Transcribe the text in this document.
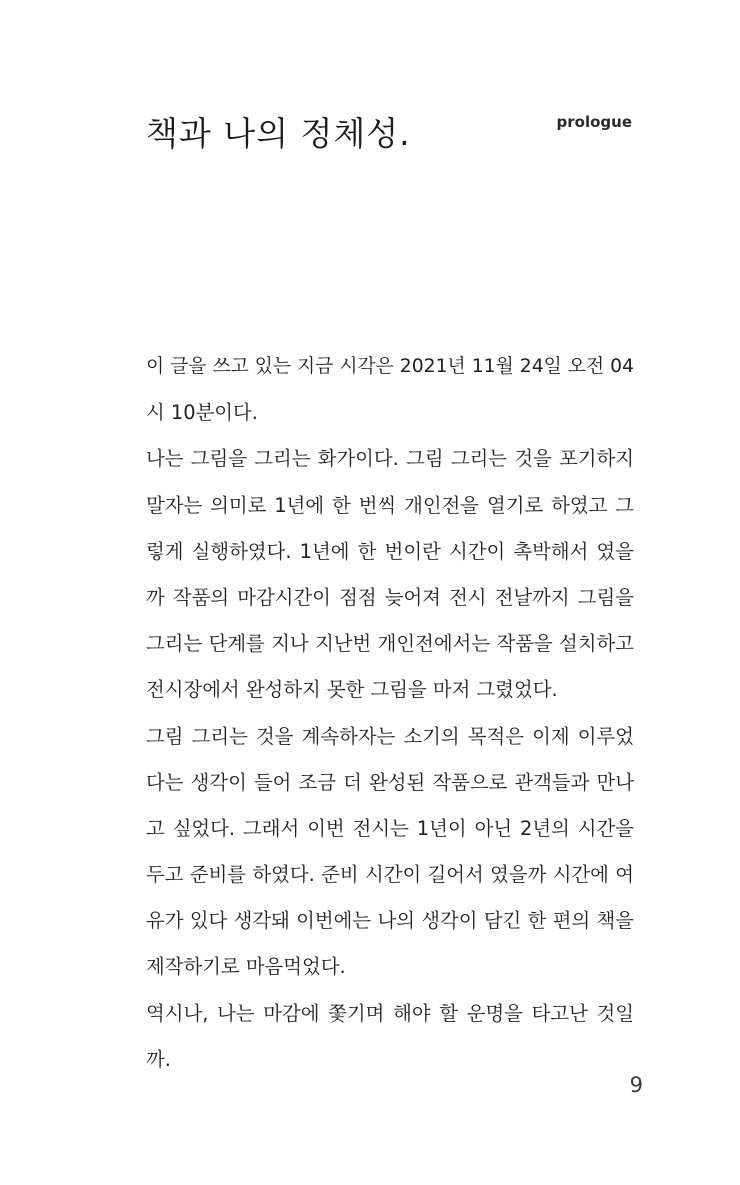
책과 나의 정체성.	prologue
이 글을 쓰고 있는 지금 시각은 2021년 11월 24일 오전 04
시 10분이다.
나는 그림을 그리는 화가이다. 그림 그리는 것을 포기하지
말자는 의미로 1년에 한 번씩 개인전을 열기로 하였고 그
렇게 실행하였다. 1년에 한 번이란 시간이 촉박해서 였을
까 작품의 마감시간이 점점 늦어져 전시 전날까지 그림을
그리는 단계를 지나 지난번 개인전에서는 작품을 설치하고
전시장에서 완성하지 못한 그림을 마저 그렸었다.
그림 그리는 것을 계속하자는 소기의 목적은 이제 이루었
다는 생각이 들어 조금 더 완성된 작품으로 관객들과 만나
고 싶었다. 그래서 이번 전시는 1년이 아닌 2년의 시간을
두고 준비를 하였다. 준비 시간이 길어서 였을까 시간에 여
유가 있다 생각돼 이번에는 나의 생각이 담긴 한 편의 책을
제작하기로 마음먹었다.
역시나, 나는 마감에 쫓기며 해야 할 운명을 타고난 것일
까.
9
